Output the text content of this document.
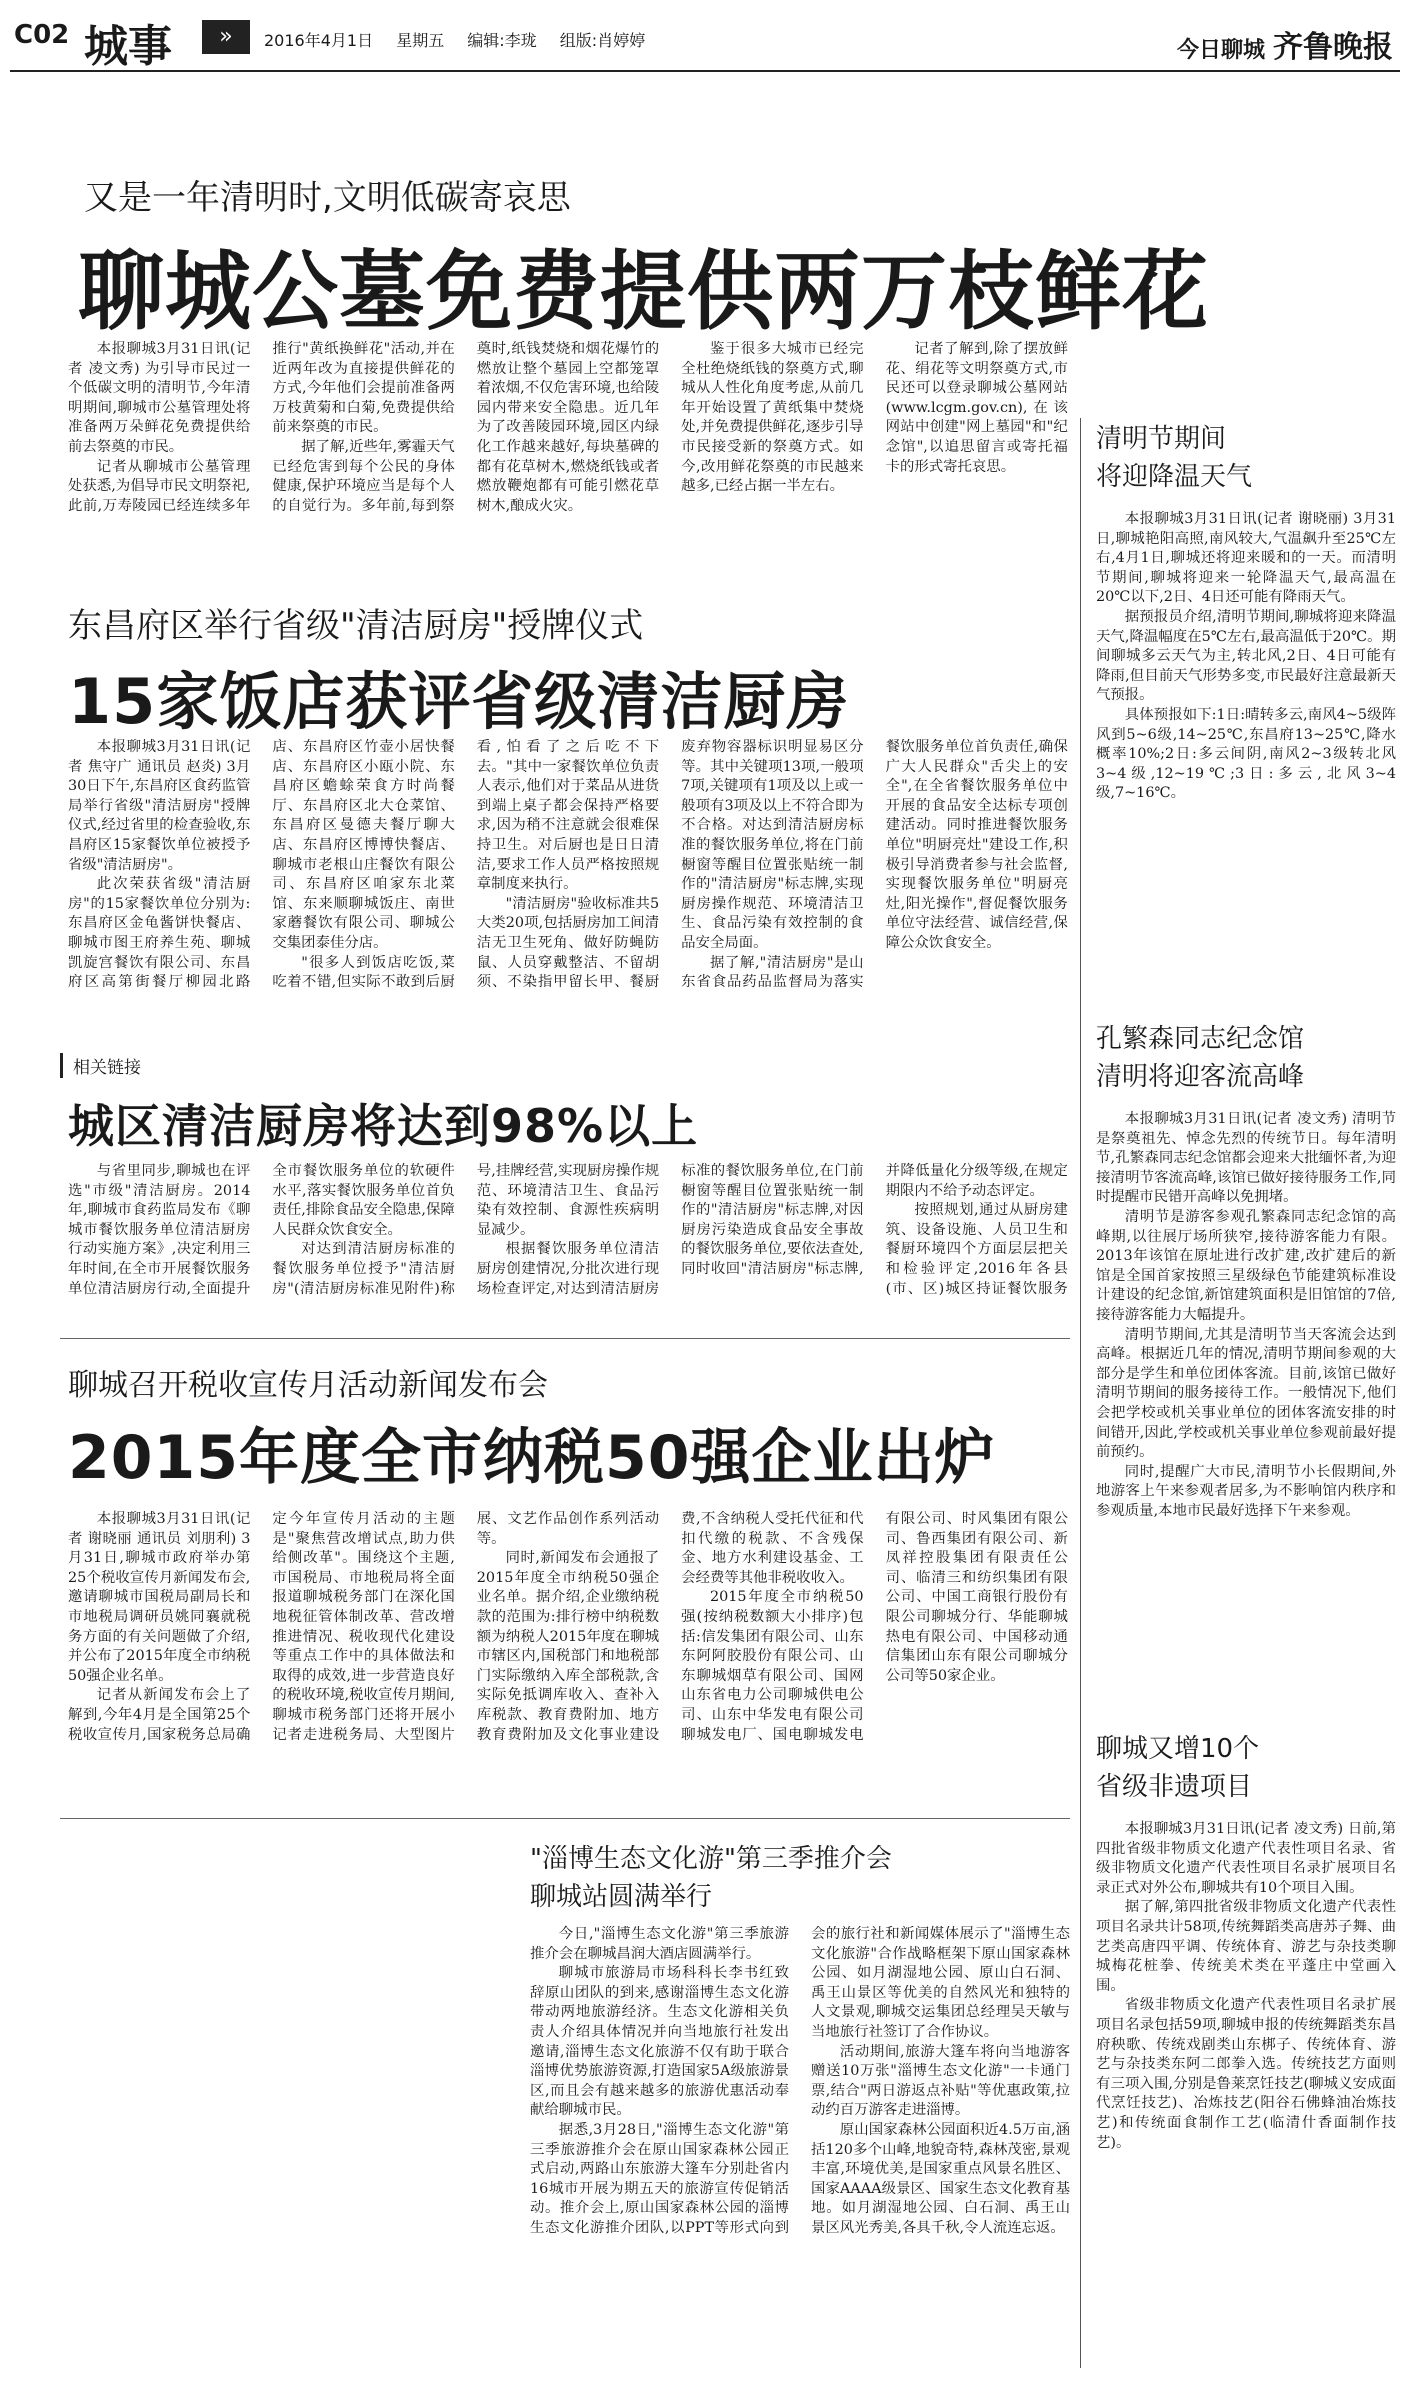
C02 城事	»	2016年4月1日 星期五 编辑:李珑 组版:肖婷婷	今日聊城 齐鲁晚报
又是一年清明时,文明低碳寄哀思
聊城公墓免费提供两万枝鲜花

本报聊城3月31日讯(记者 凌文秀) 为引导市民过一个低碳文明的清明节,今年清明期间,聊城市公墓管理处将准备两万朵鲜花免费提供给前去祭奠的市民。

记者从聊城市公墓管理处获悉,为倡导市民文明祭祀,此前,万寿陵园已经连续多年推行"黄纸换鲜花"活动,并在近两年改为直接提供鲜花的方式,今年他们会提前准备两万枝黄菊和白菊,免费提供给前来祭奠的市民。

据了解,近些年,雾霾天气已经危害到每个公民的身体健康,保护环境应当是每个人的自觉行为。多年前,每到祭奠时,纸钱焚烧和烟花爆竹的燃放让整个墓园上空都笼罩着浓烟,不仅危害环境,也给陵园内带来安全隐患。近几年为了改善陵园环境,园区内绿化工作越来越好,每块墓碑的都有花草树木,燃烧纸钱或者燃放鞭炮都有可能引燃花草树木,酿成火灾。

鉴于很多大城市已经完全杜绝烧纸钱的祭奠方式,聊城从人性化角度考虑,从前几年开始设置了黄纸集中焚烧处,并免费提供鲜花,逐步引导市民接受新的祭奠方式。如今,改用鲜花祭奠的市民越来越多,已经占据一半左右。

记者了解到,除了摆放鲜花、绢花等文明祭奠方式,市民还可以登录聊城公墓网站(www.lcgm.gov.cn),在该网站中创建"网上墓园"和"纪念馆",以追思留言或寄托福卡的形式寄托哀思。

东昌府区举行省级"清洁厨房"授牌仪式
15家饭店获评省级清洁厨房

本报聊城3月31日讯(记者 焦守广 通讯员 赵炎) 3月30日下午,东昌府区食药监管局举行省级"清洁厨房"授牌仪式,经过省里的检查验收,东昌府区15家餐饮单位被授予省级"清洁厨房"。

此次荣获省级"清洁厨房"的15家餐饮单位分别为:东昌府区金龟酱饼快餐店、聊城市图王府养生苑、聊城凯旋宫餐饮有限公司、东昌府区高第街餐厅柳园北路店、东昌府区竹壶小居快餐店、东昌府区小瓯小院、东昌府区蟾蜍荣食方时尚餐厅、东昌府区北大仓菜馆、东昌府区曼德夫餐厅聊大店、东昌府区博博快餐店、聊城市老根山庄餐饮有限公司、东昌府区咱家东北菜馆、东来顺聊城饭庄、南世家蘑餐饮有限公司、聊城公交集团泰佳分店。

"很多人到饭店吃饭,菜吃着不错,但实际不敢到后厨看,怕看了之后吃不下去。"其中一家餐饮单位负责人表示,他们对于菜品从进货到端上桌子都会保持严格要求,因为稍不注意就会很难保持卫生。对后厨也是日日清洁,要求工作人员严格按照规章制度来执行。

"清洁厨房"验收标准共5大类20项,包括厨房加工间清洁无卫生死角、做好防蝇防鼠、人员穿戴整洁、不留胡须、不染指甲留长甲、餐厨废弃物容器标识明显易区分等。其中关键项13项,一般项7项,关键项有1项及以上或一般项有3项及以上不符合即为不合格。对达到清洁厨房标准的餐饮服务单位,将在门前橱窗等醒目位置张贴统一制作的"清洁厨房"标志牌,实现厨房操作规范、环境清洁卫生、食品污染有效控制的食品安全局面。

据了解,"清洁厨房"是山东省食品药品监督局为落实餐饮服务单位首负责任,确保广大人民群众"舌尖上的安全",在全省餐饮服务单位中开展的食品安全达标专项创建活动。同时推进餐饮服务单位"明厨亮灶"建设工作,积极引导消费者参与社会监督,实现餐饮服务单位"明厨亮灶,阳光操作",督促餐饮服务单位守法经营、诚信经营,保障公众饮食安全。

相关链接
城区清洁厨房将达到98%以上

与省里同步,聊城也在评选"市级"清洁厨房。2014年,聊城市食药监局发布《聊城市餐饮服务单位清洁厨房行动实施方案》,决定利用三年时间,在全市开展餐饮服务单位清洁厨房行动,全面提升全市餐饮服务单位的软硬件水平,落实餐饮服务单位首负责任,排除食品安全隐患,保障人民群众饮食安全。

对达到清洁厨房标准的餐饮服务单位授予"清洁厨房"(清洁厨房标准见附件)称号,挂牌经营,实现厨房操作规范、环境清洁卫生、食品污染有效控制、食源性疾病明显减少。

根据餐饮服务单位清洁厨房创建情况,分批次进行现场检查评定,对达到清洁厨房标准的餐饮服务单位,在门前橱窗等醒目位置张贴统一制作的"清洁厨房"标志牌,对因厨房污染造成食品安全事故的餐饮服务单位,要依法查处,同时收回"清洁厨房"标志牌,并降低量化分级等级,在规定期限内不给予动态评定。

按照规划,通过从厨房建筑、设备设施、人员卫生和餐厨环境四个方面层层把关和检验评定,2016年各县(市、区)城区持证餐饮服务

聊城召开税收宣传月活动新闻发布会
2015年度全市纳税50强企业出炉

本报聊城3月31日讯(记者 谢晓丽 通讯员 刘朋利) 3月31日,聊城市政府举办第25个税收宣传月新闻发布会,邀请聊城市国税局副局长和市地税局调研员姚同襄就税务方面的有关问题做了介绍,并公布了2015年度全市纳税50强企业名单。

记者从新闻发布会上了解到,今年4月是全国第25个税收宣传月,国家税务总局确定今年宣传月活动的主题是"聚焦营改增试点,助力供给侧改革"。围绕这个主题,市国税局、市地税局将全面报道聊城税务部门在深化国地税征管体制改革、营改增推进情况、税收现代化建设等重点工作中的具体做法和取得的成效,进一步营造良好的税收环境,税收宣传月期间,聊城市税务部门还将开展小记者走进税务局、大型图片展、文艺作品创作系列活动等。

同时,新闻发布会通报了2015年度全市纳税50强企业名单。据介绍,企业缴纳税款的范围为:排行榜中纳税数额为纳税人2015年度在聊城市辖区内,国税部门和地税部门实际缴纳入库全部税款,含实际免抵调库收入、查补入库税款、教育费附加、地方教育费附加及文化事业建设费,不含纳税人受托代征和代扣代缴的税款、不含残保金、地方水利建设基金、工会经费等其他非税收收入。

2015年度全市纳税50强(按纳税数额大小排序)包括:信发集团有限公司、山东东阿阿胶股份有限公司、山东聊城烟草有限公司、国网山东省电力公司聊城供电公司、山东中华发电有限公司聊城发电厂、国电聊城发电有限公司、时风集团有限公司、鲁西集团有限公司、新凤祥控股集团有限责任公司、临清三和纺织集团有限公司、中国工商银行股份有限公司聊城分行、华能聊城热电有限公司、中国移动通信集团山东有限公司聊城分公司等50家企业。

"淄博生态文化游"第三季推介会
聊城站圆满举行

今日,"淄博生态文化游"第三季旅游推介会在聊城昌润大酒店圆满举行。

聊城市旅游局市场科科长李书红致辞原山团队的到来,感谢淄博生态文化游带动两地旅游经济。生态文化游相关负责人介绍具体情况并向当地旅行社发出邀请,淄博生态文化旅游不仅有助于联合淄博优势旅游资源,打造国家5A级旅游景区,而且会有越来越多的旅游优惠活动奉献给聊城市民。

据悉,3月28日,"淄博生态文化游"第三季旅游推介会在原山国家森林公园正式启动,两路山东旅游大篷车分别赴省内16城市开展为期五天的旅游宣传促销活动。推介会上,原山国家森林公园的淄博生态文化游推介团队,以PPT等形式向到会的旅行社和新闻媒体展示了"淄博生态文化旅游"合作战略框架下原山国家森林公园、如月湖湿地公园、原山白石洞、禹王山景区等优美的自然风光和独特的人文景观,聊城交运集团总经理吴天敏与当地旅行社签订了合作协议。

活动期间,旅游大篷车将向当地游客赠送10万张"淄博生态文化游"一卡通门票,结合"两日游返点补贴"等优惠政策,拉动约百万游客走进淄博。

原山国家森林公园面积近4.5万亩,涵括120多个山峰,地貌奇特,森林茂密,景观丰富,环境优美,是国家重点风景名胜区、国家AAAA级景区、国家生态文化教育基地。如月湖湿地公园、白石洞、禹王山景区风光秀美,各具千秋,令人流连忘返。

清明节期间
将迎降温天气

本报聊城3月31日讯(记者 谢晓丽) 3月31日,聊城艳阳高照,南风较大,气温飙升至25℃左右,4月1日,聊城还将迎来暖和的一天。而清明节期间,聊城将迎来一轮降温天气,最高温在20℃以下,2日、4日还可能有降雨天气。

据预报员介绍,清明节期间,聊城将迎来降温天气,降温幅度在5℃左右,最高温低于20℃。期间聊城多云天气为主,转北风,2日、4日可能有降雨,但目前天气形势多变,市民最好注意最新天气预报。

具体预报如下:1日:晴转多云,南风4~5级阵风到5~6级,14~25℃,东昌府13~25℃,降水概率10%;2日:多云间阴,南风2~3级转北风3~4级,12~19℃;3日:多云,北风3~4级,7~16℃。

孔繁森同志纪念馆
清明将迎客流高峰

本报聊城3月31日讯(记者 凌文秀) 清明节是祭奠祖先、悼念先烈的传统节日。每年清明节,孔繁森同志纪念馆都会迎来大批缅怀者,为迎接清明节客流高峰,该馆已做好接待服务工作,同时提醒市民错开高峰以免拥堵。

清明节是游客参观孔繁森同志纪念馆的高峰期,以往展厅场所狭窄,接待游客能力有限。2013年该馆在原址进行改扩建,改扩建后的新馆是全国首家按照三星级绿色节能建筑标准设计建设的纪念馆,新馆建筑面积是旧馆馆的7倍,接待游客能力大幅提升。

清明节期间,尤其是清明节当天客流会达到高峰。根据近几年的情况,清明节期间参观的大部分是学生和单位团体客流。目前,该馆已做好清明节期间的服务接待工作。一般情况下,他们会把学校或机关事业单位的团体客流安排的时间错开,因此,学校或机关事业单位参观前最好提前预约。

同时,提醒广大市民,清明节小长假期间,外地游客上午来参观者居多,为不影响馆内秩序和参观质量,本地市民最好选择下午来参观。

聊城又增10个
省级非遗项目

本报聊城3月31日讯(记者 凌文秀) 日前,第四批省级非物质文化遗产代表性项目名录、省级非物质文化遗产代表性项目名录扩展项目名录正式对外公布,聊城共有10个项目入围。

据了解,第四批省级非物质文化遗产代表性项目名录共计58项,传统舞蹈类高唐苏子舞、曲艺类高唐四平调、传统体育、游艺与杂技类聊城梅花桩拳、传统美术类在平蓬庄中堂画入围。

省级非物质文化遗产代表性项目名录扩展项目名录包括59项,聊城申报的传统舞蹈类东昌府秧歌、传统戏剧类山东梆子、传统体育、游艺与杂技类东阿二郎拳入选。传统技艺方面则有三项入围,分别是鲁莱烹饪技艺(聊城义安成面代烹饪技艺)、冶炼技艺(阳谷石佛蜂油冶炼技艺)和传统面食制作工艺(临清什香面制作技艺)。
